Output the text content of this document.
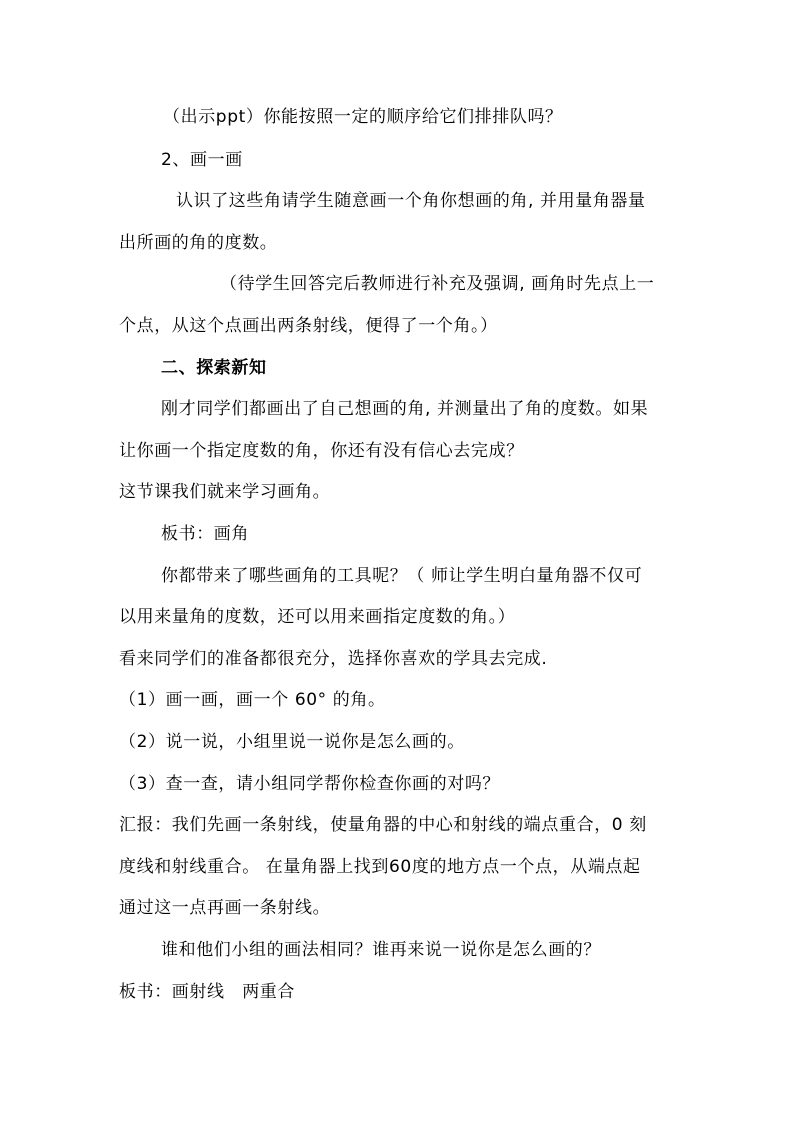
（出示ppt）你能按照一定的顺序给它们排排队吗？
2、画一画
认识了这些角请学生随意画一个角你想画的角, 并用量角器量
出所画的角的度数。
（待学生回答完后教师进行补充及强调, 画角时先点上一
个点，从这个点画出两条射线，便得了一个角。）
二、探索新知
刚才同学们都画出了自己想画的角, 并测量出了角的度数。如果
让你画一个指定度数的角，你还有没有信心去完成？
这节课我们就来学习画角。
板书：画角
你都带来了哪些画角的工具呢？（ 师让学生明白量角器不仅可
以用来量角的度数，还可以用来画指定度数的角。）
看来同学们的准备都很充分，选择你喜欢的学具去完成.
（1）画一画，画一个 60° 的角。
（2）说一说，小组里说一说你是怎么画的。
（3）查一查，请小组同学帮你检查你画的对吗？
汇报：我们先画一条射线，使量角器的中心和射线的端点重合，0 刻
度线和射线重合。 在量角器上找到60度的地方点一个点，从端点起
通过这一点再画一条射线。
谁和他们小组的画法相同？谁再来说一说你是怎么画的？
板书：画射线　两重合
